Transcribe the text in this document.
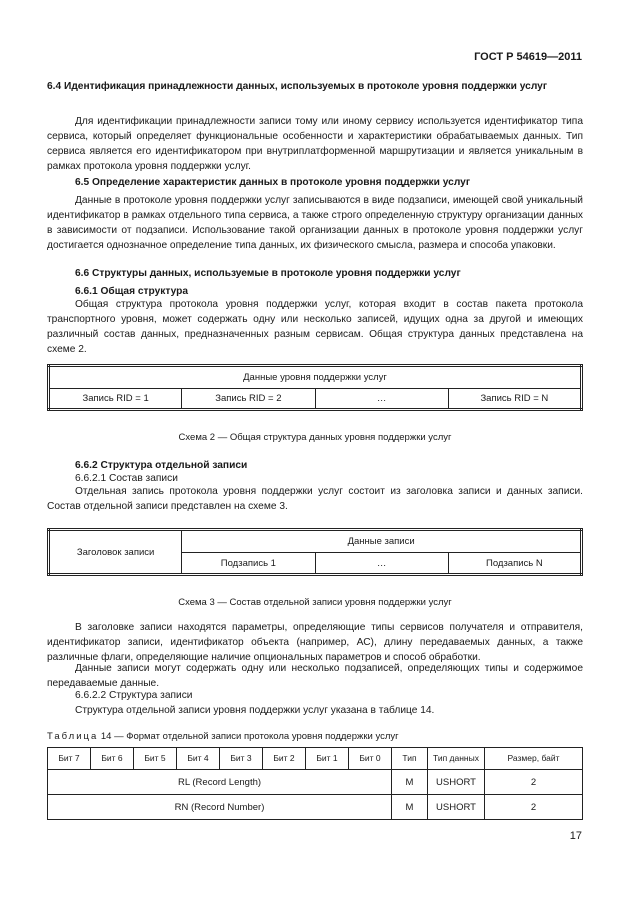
ГОСТ Р 54619—2011
6.4 Идентификация принадлежности данных, используемых в протоколе уровня поддержки услуг
Для идентификации принадлежности записи тому или иному сервису используется идентификатор типа сервиса, который определяет функциональные особенности и характеристики обрабатываемых данных. Тип сервиса является его идентификатором при внутриплатформенной маршрутизации и является уникальным в рамках протокола уровня поддержки услуг.
6.5 Определение характеристик данных в протоколе уровня поддержки услуг
Данные в протоколе уровня поддержки услуг записываются в виде подзаписи, имеющей свой уникальный идентификатор в рамках отдельного типа сервиса, а также строго определенную структуру организации данных в зависимости от подзаписи. Использование такой организации данных в протоколе уровня поддержки услуг достигается однозначное определение типа данных, их физического смысла, размера и способа упаковки.
6.6 Структуры данных, используемые в протоколе уровня поддержки услуг
6.6.1 Общая структура
Общая структура протокола уровня поддержки услуг, которая входит в состав пакета протокола транспортного уровня, может содержать одну или несколько записей, идущих одна за другой и имеющих различный состав данных, предназначенных разным сервисам. Общая структура данных представлена на схеме 2.
Данные уровня поддержки услуг
Запись RID = 1	Запись RID = 2	…	Запись RID = N
Схема 2 — Общая структура данных уровня поддержки услуг
6.6.2 Структура отдельной записи
6.6.2.1 Состав записи
Отдельная запись протокола уровня поддержки услуг состоит из заголовка записи и данных записи. Состав отдельной записи представлен на схеме 3.
Заголовок записи	Данные записи		
	Подзапись 1	…	Подзапись N
Схема 3 — Состав отдельной записи уровня поддержки услуг
В заголовке записи находятся параметры, определяющие типы сервисов получателя и отправителя, идентификатор записи, идентификатор объекта (например, АС), длину передаваемых данных, а также различные флаги, определяющие наличие опциональных параметров и способ обработки.
Данные записи могут содержать одну или несколько подзаписей, определяющих типы и содержимое передаваемые данные.
6.6.2.2 Структура записи
Структура отдельной записи уровня поддержки услуг указана в таблице 14.
Таблица 14 — Формат отдельной записи протокола уровня поддержки услуг
Бит 7	Бит 6	Бит 5	Бит 4	Бит 3	Бит 2	Бит 1	Бит 0	Тип	Тип данных	Размер, байт
RL (Record Length)								M	USHORT	2
RN (Record Number)								M	USHORT	2
17
